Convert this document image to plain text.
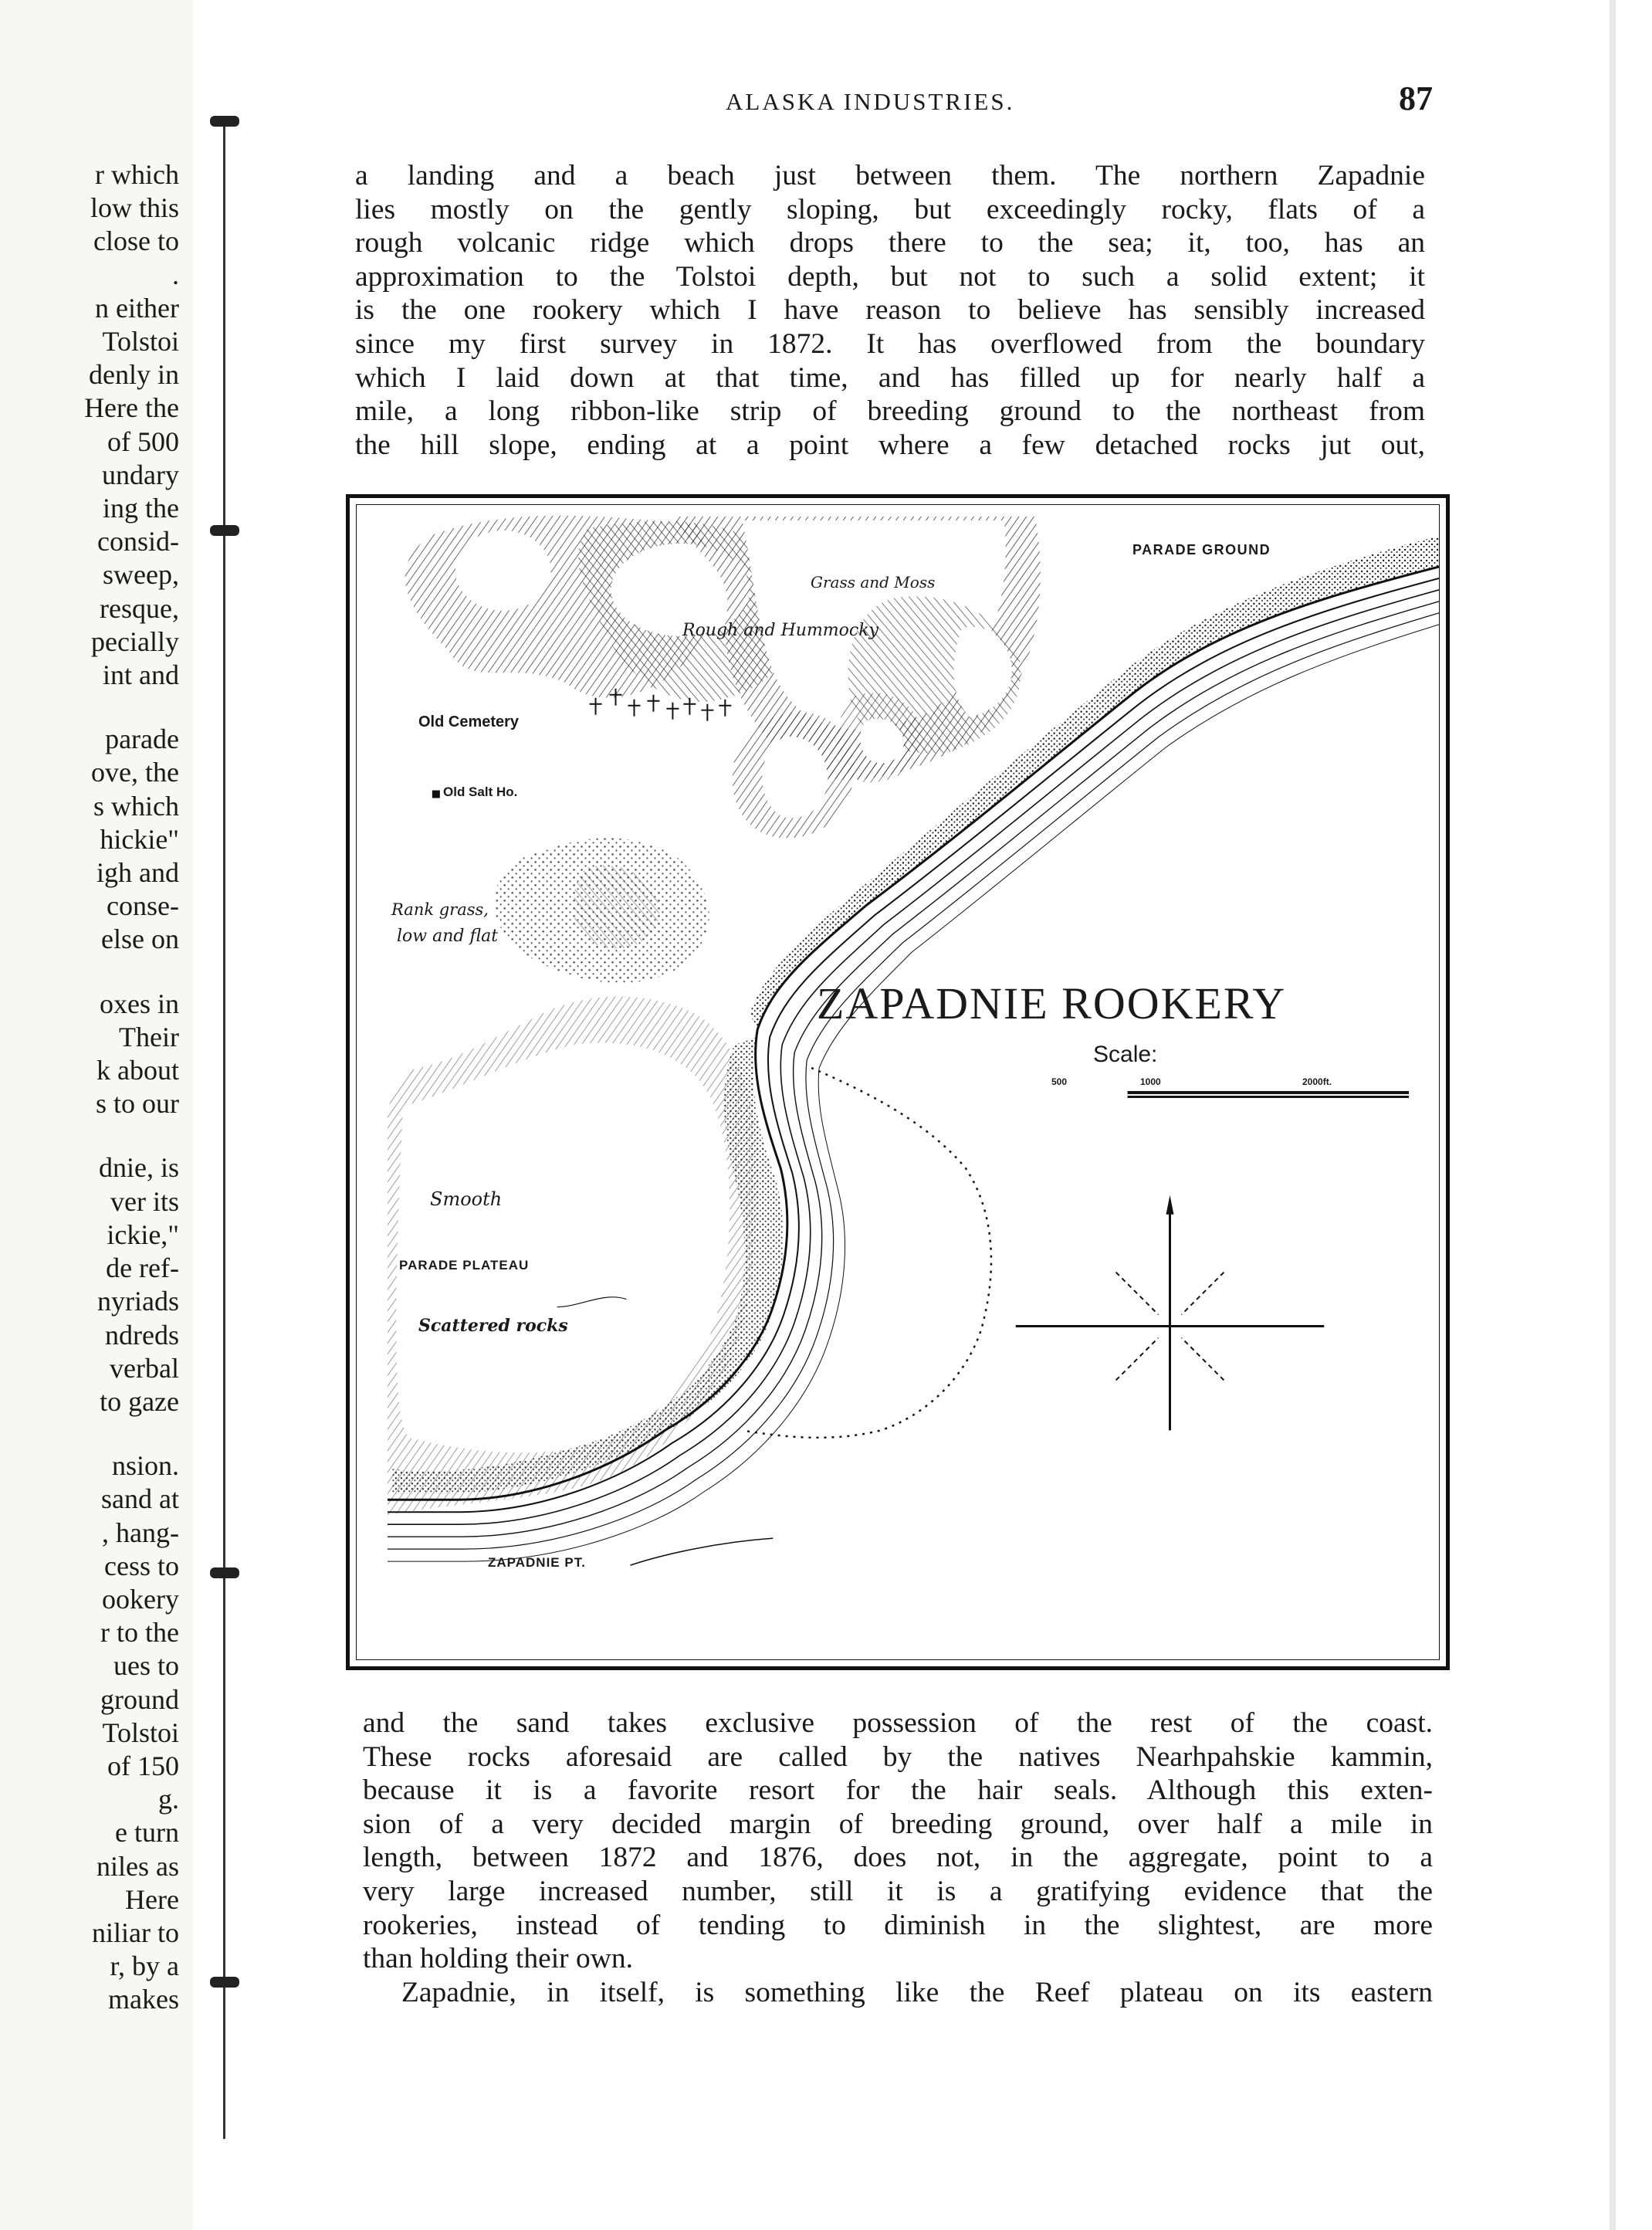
r which
low this
close to
.
n either
Tolstoi
denly in
Here the
of 500
undary
ing the
consid-
sweep,
resque,
pecially
int and
parade
ove, the
s which
hickie"
igh and
conse-
else on
oxes in
Their
k about
s to our
dnie, is
ver its
ickie,"
de ref-
nyriads
ndreds
verbal
to gaze
nsion.
sand at
, hang-
cess to
ookery
r to the
ues to
ground
Tolstoi
of 150
g.
e turn
niles as
Here
niliar to
r, by a
makes
ALASKA INDUSTRIES.	87
a landing and a beach just between them. The northern Zapadnie
lies mostly on the gently sloping, but exceedingly rocky, flats of a
rough volcanic ridge which drops there to the sea; it, too, has an
approximation to the Tolstoi depth, but not to such a solid extent; it
is the one rookery which I have reason to believe has sensibly increased
since my first survey in 1872. It has overflowed from the boundary
which I laid down at that time, and has filled up for nearly half a
mile, a long ribbon-like strip of breeding ground to the northeast from
the hill slope, ending at a point where a few detached rocks jut out,
PARADE GROUND
Grass and Moss
Rough and Hummocky
Old Cemetery
Old Salt Ho.
Rank grass,
low and flat
ZAPADNIE ROOKERY
Scale:
500	1000	2000ft.
Smooth
PARADE PLATEAU
Scattered rocks
ZAPADNIE PT.
and the sand takes exclusive possession of the rest of the coast.
These rocks aforesaid are called by the natives Nearhpahskie kammin,
because it is a favorite resort for the hair seals. Although this exten-
sion of a very decided margin of breeding ground, over half a mile in
length, between 1872 and 1876, does not, in the aggregate, point to a
very large increased number, still it is a gratifying evidence that the
rookeries, instead of tending to diminish in the slightest, are more
than holding their own.
Zapadnie, in itself, is something like the Reef plateau on its eastern
